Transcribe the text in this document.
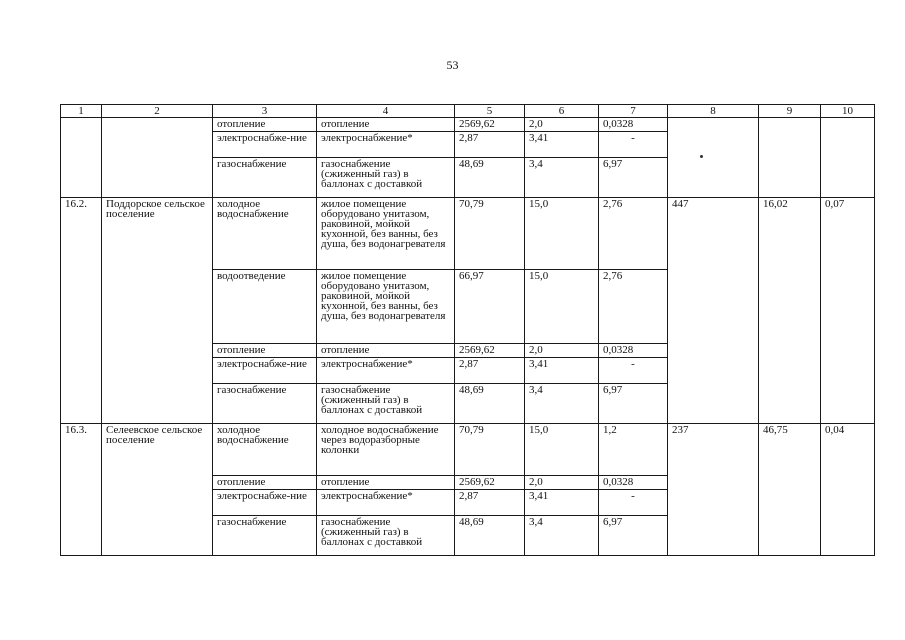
53
1	2	3	4	5	6	7	8	9	10
		отопление	отопление	2569,62	2,0	0,0328	

		электроснабже-ние	электроснабжение*	2,87	3,41	-			
		газоснабжение	газоснабжение (сжиженный газ) в баллонах с доставкой	48,69	3,4	6,97			
16.2.	Поддорское сельское поселение	холодное водоснабжение	жилое помещение оборудовано унитазом, раковиной, мойкой кухонной, без ванны, без душа, без водонагревателя	70,79	15,0	2,76	447	16,02	0,07
		водоотведение	жилое помещение оборудовано унитазом, раковиной, мойкой кухонной, без ванны, без душа, без водонагревателя	66,97	15,0	2,76			
		отопление	отопление	2569,62	2,0	0,0328			
		электроснабже-ние	электроснабжение*	2,87	3,41	-			
		газоснабжение	газоснабжение (сжиженный газ) в баллонах с доставкой	48,69	3,4	6,97			
16.3.	Селеевское сельское поселение	холодное водоснабжение	холодное водоснабжение через водоразборные колонки	70,79	15,0	1,2	237	46,75	0,04
		отопление	отопление	2569,62	2,0	0,0328			
		электроснабже-ние	электроснабжение*	2,87	3,41	-			
		газоснабжение	газоснабжение (сжиженный газ) в баллонах с доставкой	48,69	3,4	6,97			
